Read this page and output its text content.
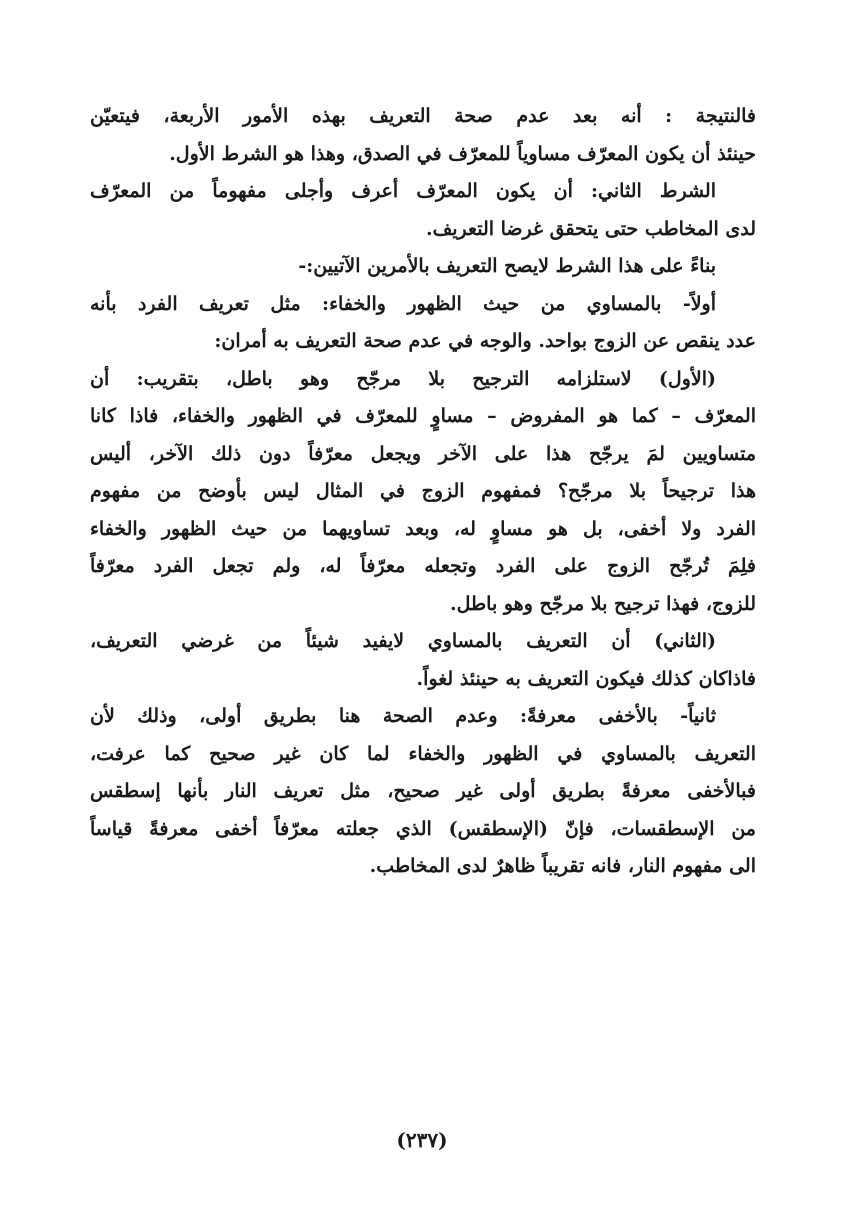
فالنتيجة : أنه بعد عدم صحة التعريف بهذه الأمور الأربعة، فيتعيّن
حينئذ أن يكون المعرّف مساوياً للمعرّف في الصدق، وهذا هو الشرط الأول.
الشرط الثاني: أن يكون المعرّف أعرف وأجلى مفهوماً من المعرّف
لدى المخاطب حتى يتحقق غرضا التعريف.
بناءً على هذا الشرط لايصح التعريف بالأمرين الآتيين:-
أولاً- بالمساوي من حيث الظهور والخفاء: مثل تعريف الفرد بأنه
عدد ينقص عن الزوج بواحد. والوجه في عدم صحة التعريف به أمران:
(الأول) لاستلزامه الترجيح بلا مرجّح وهو باطل، بتقريب: أن
المعرّف – كما هو المفروض – مساوٍ للمعرّف في الظهور والخفاء، فاذا كانا
متساويين لمَ يرجّح هذا على الآخر ويجعل معرّفاً دون ذلك الآخر، أليس
هذا ترجيحاً بلا مرجّح؟ فمفهوم الزوج في المثال ليس بأوضح من مفهوم
الفرد ولا أخفى، بل هو مساوٍ له، وبعد تساويهما من حيث الظهور والخفاء
فلِمَ تُرجّح الزوج على الفرد وتجعله معرّفاً له، ولم تجعل الفرد معرّفاً
للزوج، فهذا ترجيح بلا مرجّح وهو باطل.
(الثاني) أن التعريف بالمساوي لايفيد شيئاً من غرضي التعريف،
فاذاكان كذلك فيكون التعريف به حينئذ لغواً.
ثانياً- بالأخفى معرفةً: وعدم الصحة هنا بطريق أولى، وذلك لأن
التعريف بالمساوي في الظهور والخفاء لما كان غير صحيح كما عرفت،
فبالأخفى معرفةً بطريق أولى غير صحيح، مثل تعريف النار بأنها إسطقس
من الإسطقسات، فإنّ (الإسطقس) الذي جعلته معرّفاً أخفى معرفةً قياساً
الى مفهوم النار، فانه تقريباً ظاهرٌ لدى المخاطب.
(٢٣٧)
